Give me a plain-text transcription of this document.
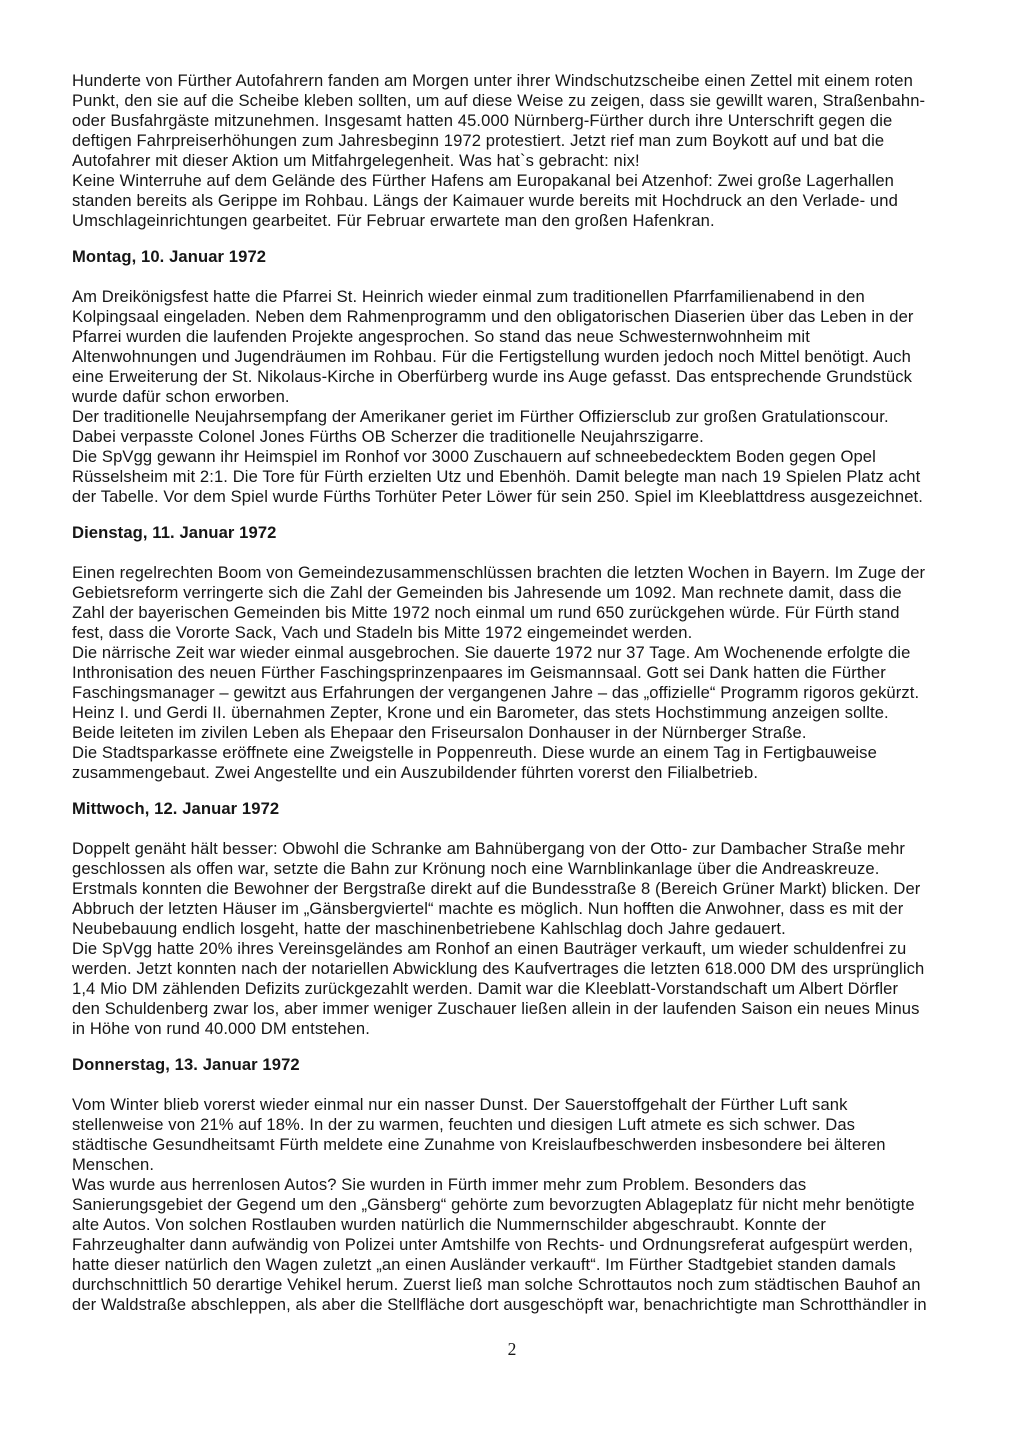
Hunderte von Fürther Autofahrern fanden am Morgen unter ihrer Windschutzscheibe einen Zettel mit einem roten
Punkt, den sie auf die Scheibe kleben sollten, um auf diese Weise zu zeigen, dass sie gewillt waren, Straßenbahn-
oder Busfahrgäste mitzunehmen. Insgesamt hatten 45.000 Nürnberg-Fürther durch ihre Unterschrift gegen die
deftigen Fahrpreiserhöhungen zum Jahresbeginn 1972 protestiert. Jetzt rief man zum Boykott auf und bat die
Autofahrer mit dieser Aktion um Mitfahrgelegenheit. Was hat`s gebracht: nix!
Keine Winterruhe auf dem Gelände des Fürther Hafens am Europakanal bei Atzenhof: Zwei große Lagerhallen
standen bereits als Gerippe im Rohbau. Längs der Kaimauer wurde bereits mit Hochdruck an den Verlade- und
Umschlageinrichtungen gearbeitet. Für Februar erwartete man den großen Hafenkran.
Montag, 10. Januar 1972
Am Dreikönigsfest hatte die Pfarrei St. Heinrich wieder einmal zum traditionellen Pfarrfamilienabend in den
Kolpingsaal eingeladen. Neben dem Rahmenprogramm und den obligatorischen Diaserien über das Leben in der
Pfarrei wurden die laufenden Projekte angesprochen. So stand das neue Schwesternwohnheim mit
Altenwohnungen und Jugendräumen im Rohbau. Für die Fertigstellung wurden jedoch noch Mittel benötigt. Auch
eine Erweiterung der St. Nikolaus-Kirche in Oberfürberg wurde ins Auge gefasst. Das entsprechende Grundstück
wurde dafür schon erworben.
Der traditionelle Neujahrsempfang der Amerikaner geriet im Fürther Offiziersclub zur großen Gratulationscour.
Dabei verpasste Colonel Jones Fürths OB Scherzer die traditionelle Neujahrszigarre.
Die SpVgg gewann ihr Heimspiel im Ronhof vor 3000 Zuschauern auf schneebedecktem Boden gegen Opel
Rüsselsheim mit 2:1. Die Tore für Fürth erzielten Utz und Ebenhöh. Damit belegte man nach 19 Spielen Platz acht
der Tabelle. Vor dem Spiel wurde Fürths Torhüter Peter Löwer für sein 250. Spiel im Kleeblattdress ausgezeichnet.
Dienstag, 11. Januar 1972
Einen regelrechten Boom von Gemeindezusammenschlüssen brachten die letzten Wochen in Bayern. Im Zuge der
Gebietsreform verringerte sich die Zahl der Gemeinden bis Jahresende um 1092. Man rechnete damit, dass die
Zahl der bayerischen Gemeinden bis Mitte 1972 noch einmal um rund 650 zurückgehen würde. Für Fürth stand
fest, dass die Vororte Sack, Vach und Stadeln bis Mitte 1972 eingemeindet werden.
Die närrische Zeit war wieder einmal ausgebrochen. Sie dauerte 1972 nur 37 Tage. Am Wochenende erfolgte die
Inthronisation des neuen Fürther Faschingsprinzenpaares im Geismannsaal. Gott sei Dank hatten die Fürther
Faschingsmanager – gewitzt aus Erfahrungen der vergangenen Jahre – das „offizielle“ Programm rigoros gekürzt.
Heinz I. und Gerdi II. übernahmen Zepter, Krone und ein Barometer, das stets Hochstimmung anzeigen sollte.
Beide leiteten im zivilen Leben als Ehepaar den Friseursalon Donhauser in der Nürnberger Straße.
Die Stadtsparkasse eröffnete eine Zweigstelle in Poppenreuth. Diese wurde an einem Tag in Fertigbauweise
zusammengebaut. Zwei Angestellte und ein Auszubildender führten vorerst den Filialbetrieb.
Mittwoch, 12. Januar 1972
Doppelt genäht hält besser: Obwohl die Schranke am Bahnübergang von der Otto- zur Dambacher Straße mehr
geschlossen als offen war, setzte die Bahn zur Krönung noch eine Warnblinkanlage über die Andreaskreuze.
Erstmals konnten die Bewohner der Bergstraße direkt auf die Bundesstraße 8 (Bereich Grüner Markt) blicken. Der
Abbruch der letzten Häuser im „Gänsbergviertel“ machte es möglich. Nun hofften die Anwohner, dass es mit der
Neubebauung endlich losgeht, hatte der maschinenbetriebene Kahlschlag doch Jahre gedauert.
Die SpVgg hatte 20% ihres Vereinsgeländes am Ronhof an einen Bauträger verkauft, um wieder schuldenfrei zu
werden. Jetzt konnten nach der notariellen Abwicklung des Kaufvertrages die letzten 618.000 DM des ursprünglich
1,4 Mio DM zählenden Defizits zurückgezahlt werden. Damit war die Kleeblatt-Vorstandschaft um Albert Dörfler
den Schuldenberg zwar los, aber immer weniger Zuschauer ließen allein in der laufenden Saison ein neues Minus
in Höhe von rund 40.000 DM entstehen.
Donnerstag, 13. Januar 1972
Vom Winter blieb vorerst wieder einmal nur ein nasser Dunst. Der Sauerstoffgehalt der Fürther Luft sank
stellenweise von 21% auf 18%. In der zu warmen, feuchten und diesigen Luft atmete es sich schwer. Das
städtische Gesundheitsamt Fürth meldete eine Zunahme von Kreislaufbeschwerden insbesondere bei älteren
Menschen.
Was wurde aus herrenlosen Autos? Sie wurden in Fürth immer mehr zum Problem. Besonders das
Sanierungsgebiet der Gegend um den „Gänsberg“ gehörte zum bevorzugten Ablageplatz für nicht mehr benötigte
alte Autos. Von solchen Rostlauben wurden natürlich die Nummernschilder abgeschraubt. Konnte der
Fahrzeughalter dann aufwändig von Polizei unter Amtshilfe von Rechts- und Ordnungsreferat aufgespürt werden,
hatte dieser natürlich den Wagen zuletzt „an einen Ausländer verkauft“. Im Fürther Stadtgebiet standen damals
durchschnittlich 50 derartige Vehikel herum. Zuerst ließ man solche Schrottautos noch zum städtischen Bauhof an
der Waldstraße abschleppen, als aber die Stellfläche dort ausgeschöpft war, benachrichtigte man Schrotthändler in
2
